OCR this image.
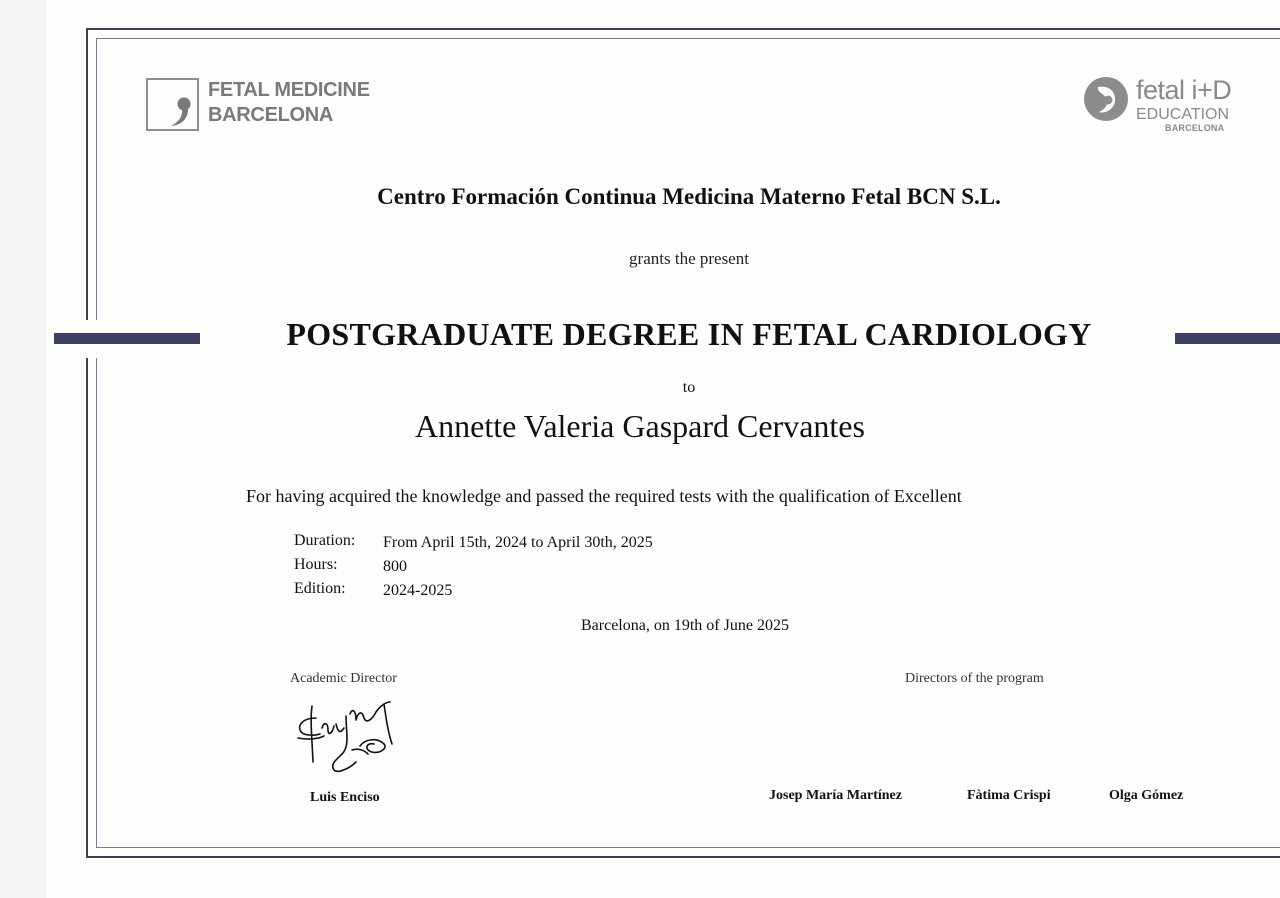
FETAL MEDICINE
BARCELONA
fetal i+D
EDUCATION
BARCELONA
Centro Formación Continua Medicina Materno Fetal BCN S.L.
grants the present
POSTGRADUATE DEGREE IN FETAL CARDIOLOGY
to
Annette Valeria Gaspard Cervantes
For having acquired the knowledge and passed the required tests with the qualification of Excellent
Duration: From April 15th, 2024 to April 30th, 2025
Hours:	800
Edition: 2024-2025
Barcelona, on 19th of June 2025
Academic Director	Directors of the program
Luis Enciso	Josep María Martínez	Fàtima Crispi	Olga Gómez
